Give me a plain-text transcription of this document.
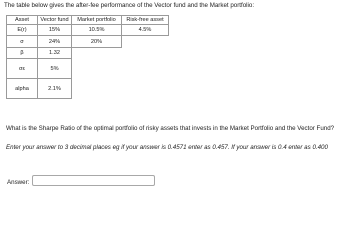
The table below gives the after-fee performance of the Vector fund and the Market portfolio:
Asset	Vector fund	Market portfolio	Risk-free asset
E(r)	15%	10.5%	4.5%
σ	24%	20%	
β	1.32		
σε	5%		
alpha	2.1%		
What is the Sharpe Ratio of the optimal portfolio of risky assets that invests in the Market Portfolio and the Vector Fund?
Enter your answer to 3 decimal places eg if your answer is 0.4571 enter as 0.457. If your answer is 0.4 enter as 0.400
Answer:
